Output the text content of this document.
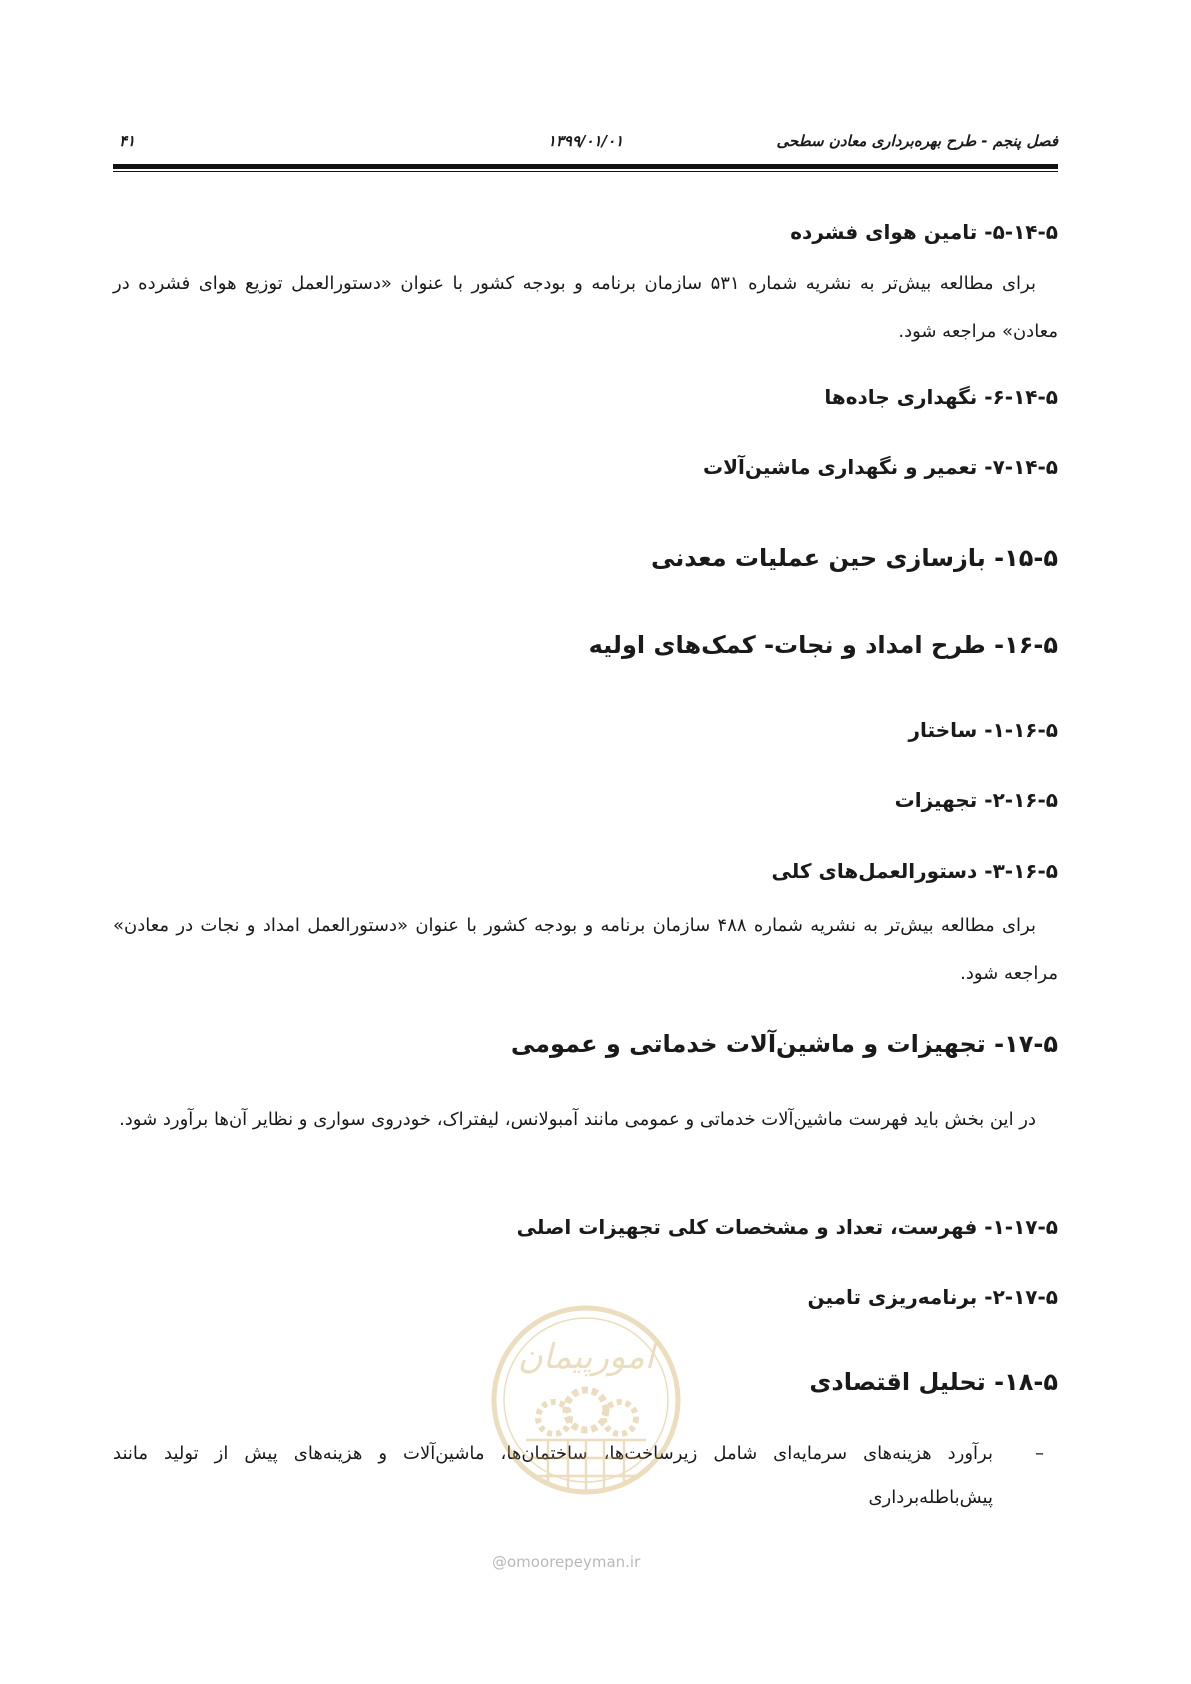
فصل پنجم - طرح بهره‌برداری معادن سطحی
۱۳۹۹/۰۱/۰۱
۴۱
۵-۱۴-۵- تامین هوای فشرده

برای مطالعه بیش‌تر به نشریه شماره ۵۳۱ سازمان برنامه و بودجه کشور با عنوان «دستورالعمل توزیع هوای فشرده در معادن» مراجعه شود.

۶-۱۴-۵- نگهداری جاده‌ها
۷-۱۴-۵- تعمیر و نگهداری ماشین‌آلات
۱۵-۵- بازسازی حین عملیات معدنی
۱۶-۵- طرح امداد و نجات- کمک‌های اولیه
۱-۱۶-۵- ساختار
۲-۱۶-۵- تجهیزات
۳-۱۶-۵- دستورالعمل‌های کلی

برای مطالعه بیش‌تر به نشریه شماره ۴۸۸ سازمان برنامه و بودجه کشور با عنوان «دستورالعمل امداد و نجات در معادن» مراجعه شود.

۱۷-۵- تجهیزات و ماشین‌آلات خدماتی و عمومی

در این بخش باید فهرست ماشین‌آلات خدماتی و عمومی مانند آمبولانس، لیفتراک، خودروی سواری و نظایر آن‌ها برآورد شود.

۱-۱۷-۵- فهرست، تعداد و مشخصات کلی تجهیزات اصلی
۲-۱۷-۵- برنامه‌ریزی تامین
۱۸-۵- تحلیل اقتصادی
–
برآورد هزینه‌های سرمایه‌ای شامل زیرساخت‌ها، ساختمان‌ها، ماشین‌آلات و هزینه‌های پیش از تولید مانند پیش‌باطله‌برداری
امورپیمان
@omoorepeyman.ir
